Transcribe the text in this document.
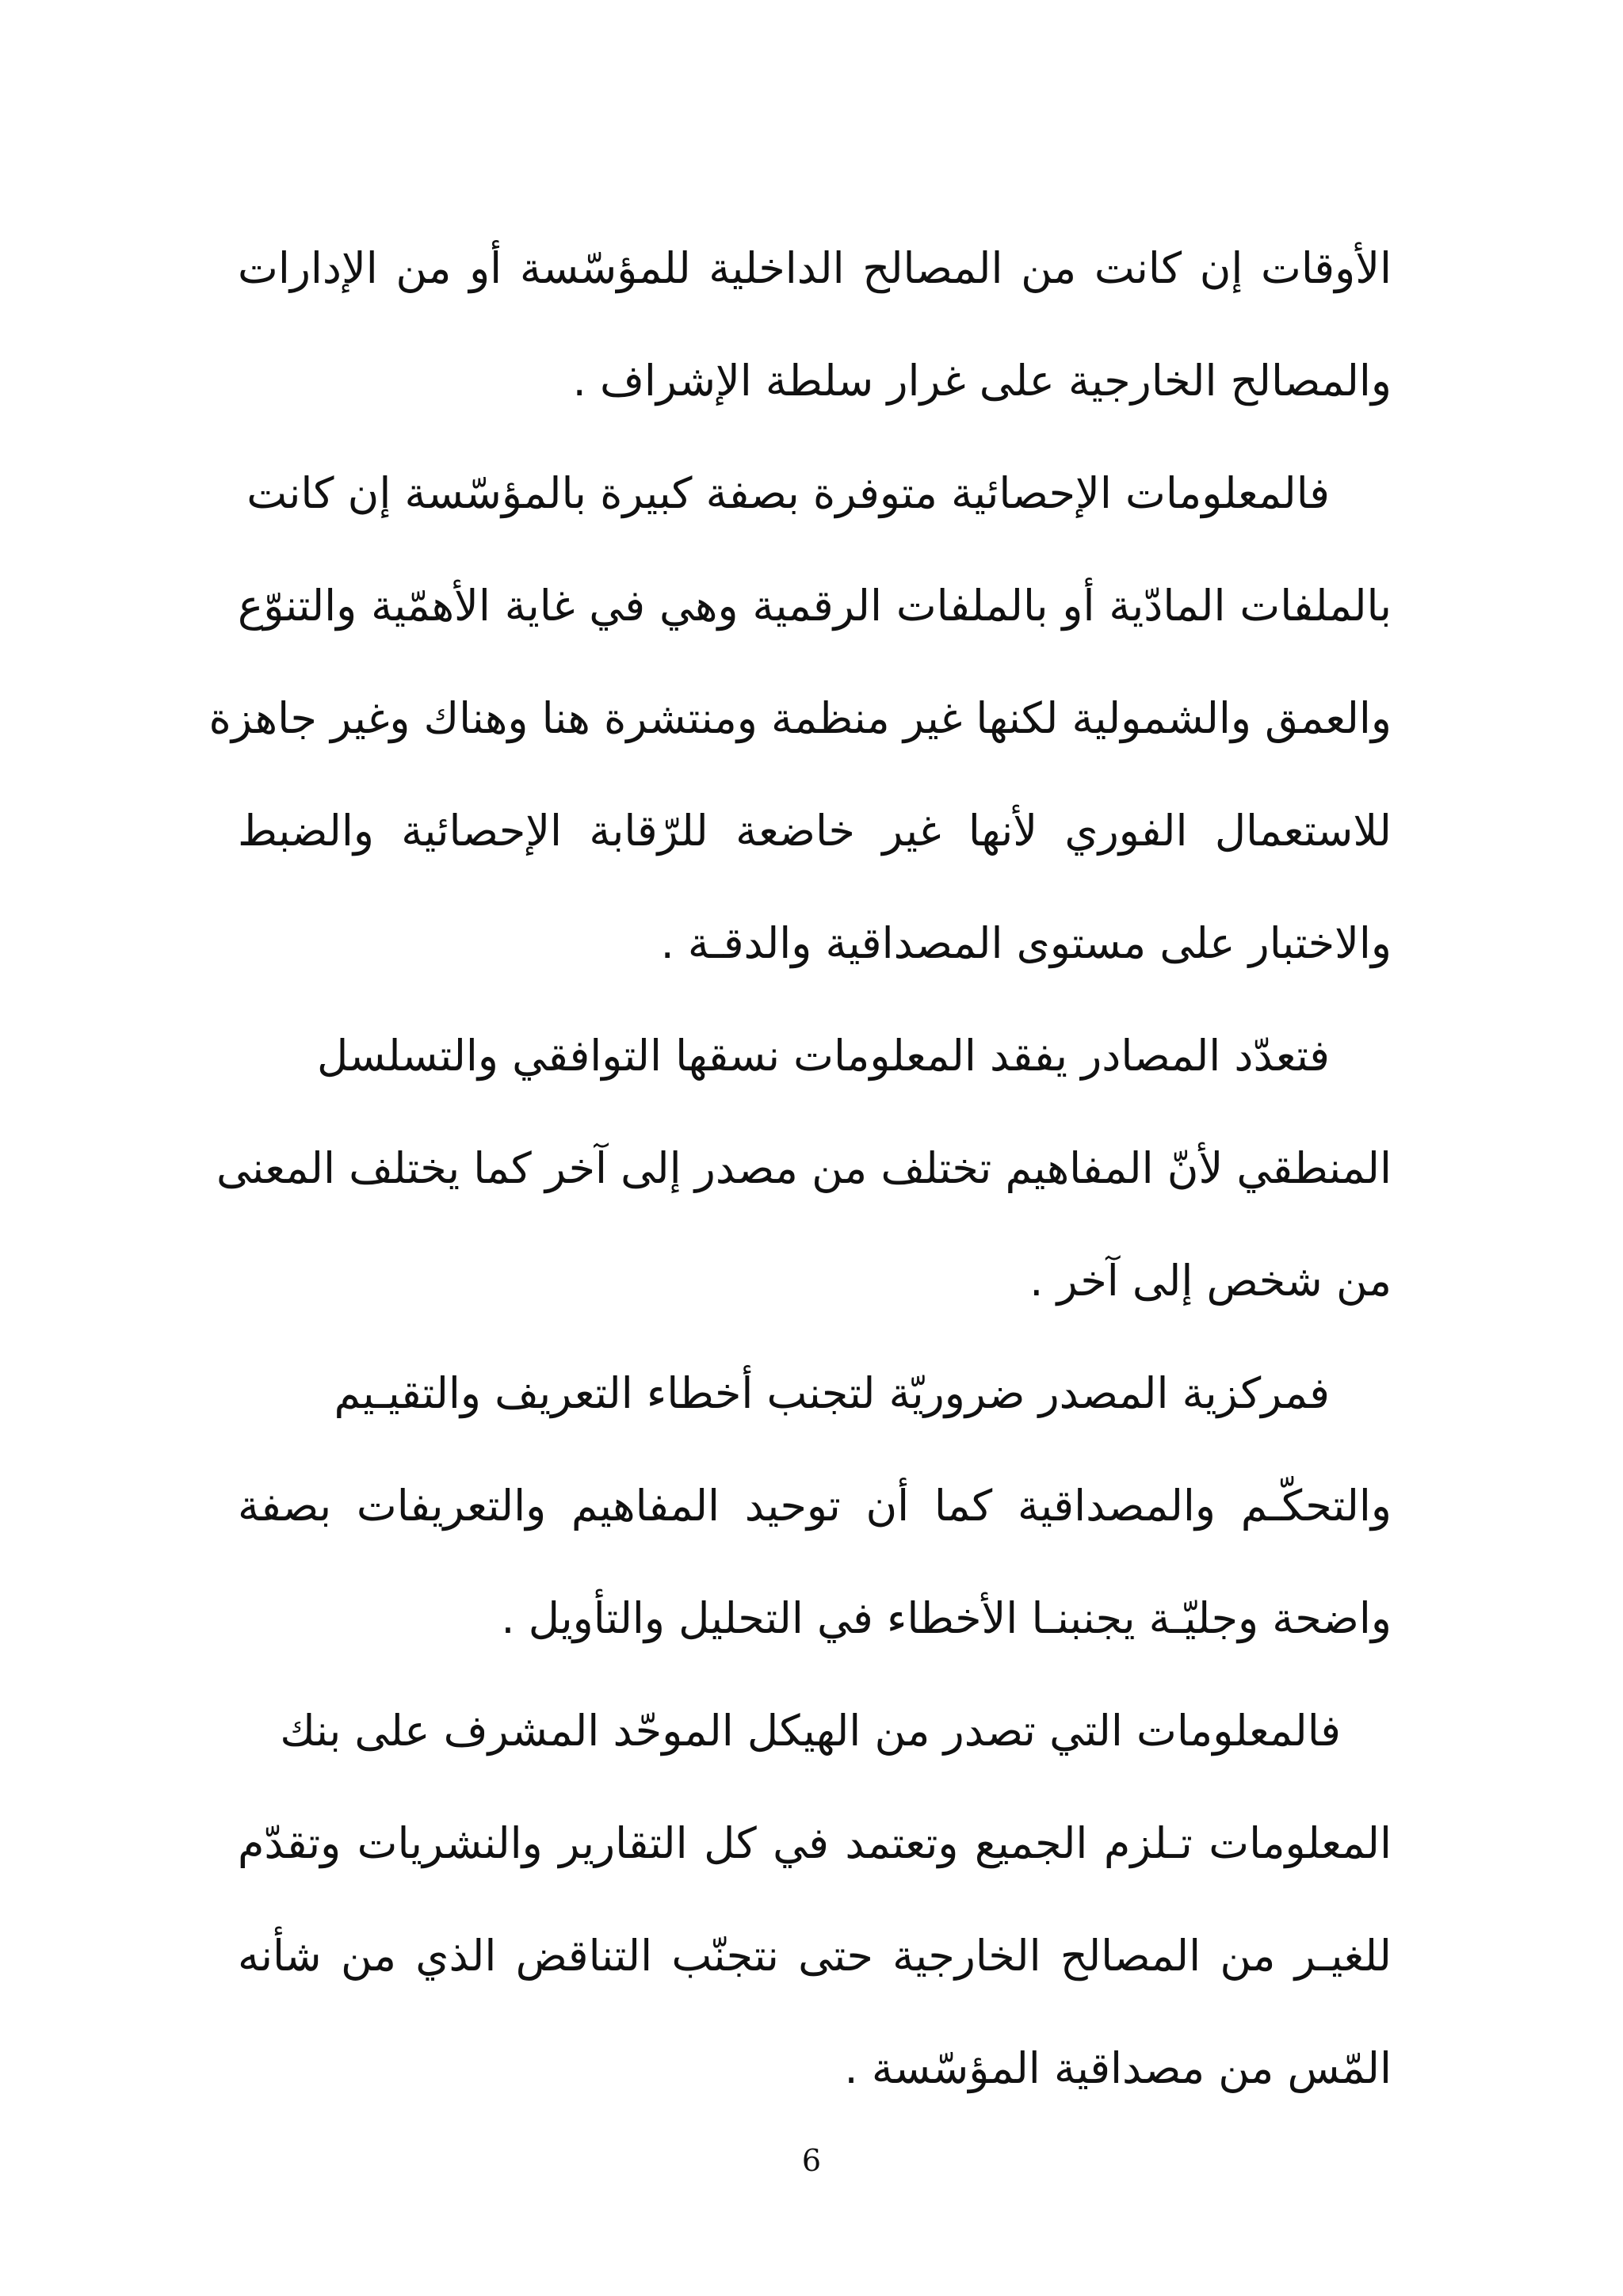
الأوقات إن كانت من المصالح الداخلية للمؤسّسة أو من الإدارات
والمصالح الخارجية على غرار سلطة الإشراف .
فالمعلومات الإحصائية متوفرة بصفة كبيرة بالمؤسّسة إن كانت
بالملفات المادّية أو بالملفات الرقمية وهي في غاية الأهمّية والتنوّع
والعمق والشمولية لكنها غير منظمة ومنتشرة هنا وهناك وغير جاهزة
للاستعمال الفوري لأنها غير خاضعة للرّقابة الإحصائية والضبط
والاختبار على مستوى المصداقية والدقـة .
فتعدّد المصادر يفقد المعلومات نسقها التوافقي والتسلسل
المنطقي لأنّ المفاهيم تختلف من مصدر إلى آخر كما يختلف المعنى
من شخص إلى آخر .
فمركزية المصدر ضروريّة لتجنب أخطاء التعريف والتقيـيم
والتحكّـم والمصداقية كما أن توحيد المفاهيم والتعريفات بصفة
واضحة وجليّـة يجنبنـا الأخطاء في التحليل والتأويل .
فالمعلومات التي تصدر من الهيكل الموحّد المشرف على بنك
المعلومات تـلزم الجميع وتعتمد في كل التقارير والنشريات وتقدّم
للغيـر من المصالح الخارجية حتى نتجنّب التناقض الذي من شأنه
المّس من مصداقية المؤسّسة .
6
